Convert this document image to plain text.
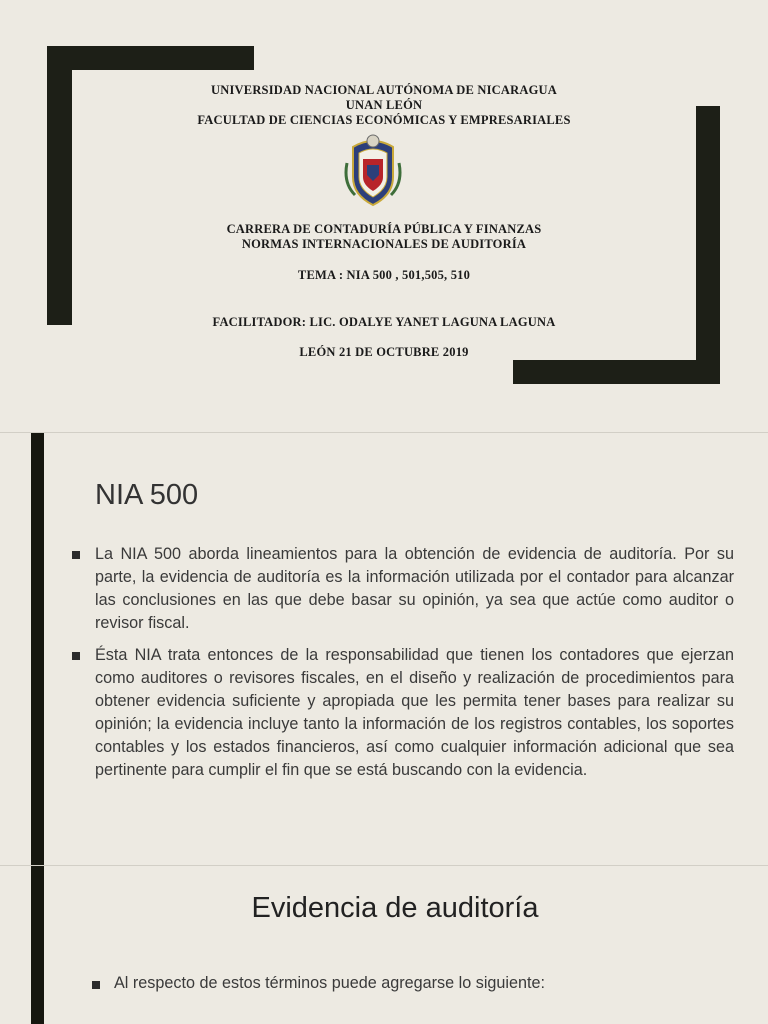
UNIVERSIDAD NACIONAL AUTÓNOMA DE NICARAGUA
UNAN LEÓN
FACULTAD DE CIENCIAS ECONÓMICAS Y EMPRESARIALES
CARRERA DE CONTADURÍA PÚBLICA Y FINANZAS
NORMAS INTERNACIONALES DE AUDITORÍA
TEMA : NIA 500 , 501,505, 510
FACILITADOR: LIC. ODALYE YANET LAGUNA LAGUNA
LEÓN 21 DE OCTUBRE 2019
NIA 500
La NIA 500 aborda lineamientos para la obtención de evidencia de auditoría. Por su parte, la evidencia de auditoría es la información utilizada por el contador para alcanzar las conclusiones en las que debe basar su opinión, ya sea que actúe como auditor o revisor fiscal.
Ésta NIA trata entonces de la responsabilidad que tienen los contadores que ejerzan como auditores o revisores fiscales, en el diseño y realización de procedimientos para obtener evidencia suficiente y apropiada que les permita tener bases para realizar su opinión; la evidencia incluye tanto la información de los registros contables, los soportes contables y los estados financieros, así como cualquier información adicional que sea pertinente para cumplir el fin que se está buscando con la evidencia.
Evidencia de auditoría
Al respecto de estos términos puede agregarse lo siguiente:
